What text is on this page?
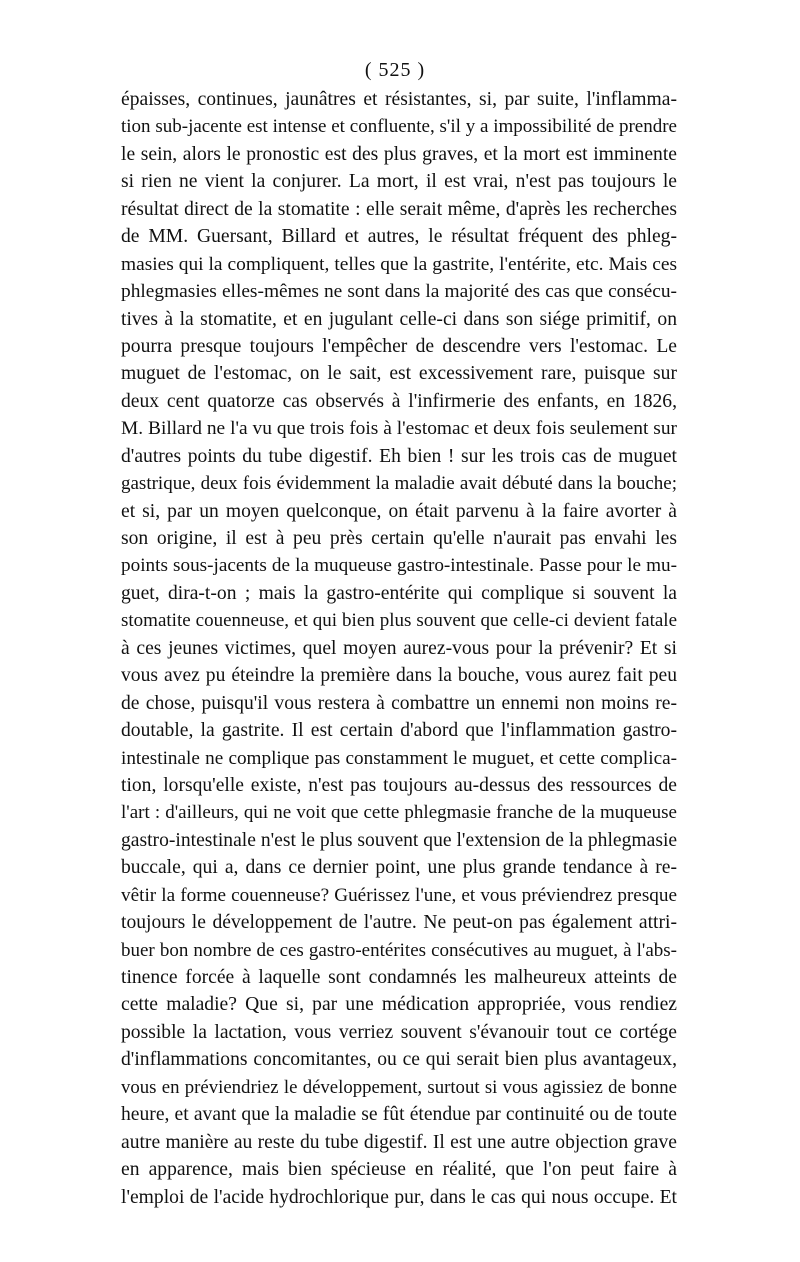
( 525 )
épaisses, continues, jaunâtres et résistantes, si, par suite, l'inflamma-
tion sub-jacente est intense et confluente, s'il y a impossibilité de prendre
le sein, alors le pronostic est des plus graves, et la mort est imminente
si rien ne vient la conjurer. La mort, il est vrai, n'est pas toujours le
résultat direct de la stomatite : elle serait même, d'après les recherches
de MM. Guersant, Billard et autres, le résultat fréquent des phleg-
masies qui la compliquent, telles que la gastrite, l'entérite, etc. Mais ces
phlegmasies elles-mêmes ne sont dans la majorité des cas que consécu-
tives à la stomatite, et en jugulant celle-ci dans son siége primitif, on
pourra presque toujours l'empêcher de descendre vers l'estomac. Le
muguet de l'estomac, on le sait, est excessivement rare, puisque sur
deux cent quatorze cas observés à l'infirmerie des enfants, en 1826,
M. Billard ne l'a vu que trois fois à l'estomac et deux fois seulement sur
d'autres points du tube digestif. Eh bien ! sur les trois cas de muguet
gastrique, deux fois évidemment la maladie avait débuté dans la bouche;
et si, par un moyen quelconque, on était parvenu à la faire avorter à
son origine, il est à peu près certain qu'elle n'aurait pas envahi les
points sous-jacents de la muqueuse gastro-intestinale. Passe pour le mu-
guet, dira-t-on ; mais la gastro-entérite qui complique si souvent la
stomatite couenneuse, et qui bien plus souvent que celle-ci devient fatale
à ces jeunes victimes, quel moyen aurez-vous pour la prévenir? Et si
vous avez pu éteindre la première dans la bouche, vous aurez fait peu
de chose, puisqu'il vous restera à combattre un ennemi non moins re-
doutable, la gastrite. Il est certain d'abord que l'inflammation gastro-
intestinale ne complique pas constamment le muguet, et cette complica-
tion, lorsqu'elle existe, n'est pas toujours au-dessus des ressources de
l'art : d'ailleurs, qui ne voit que cette phlegmasie franche de la muqueuse
gastro-intestinale n'est le plus souvent que l'extension de la phlegmasie
buccale, qui a, dans ce dernier point, une plus grande tendance à re-
vêtir la forme couenneuse? Guérissez l'une, et vous préviendrez presque
toujours le développement de l'autre. Ne peut-on pas également attri-
buer bon nombre de ces gastro-entérites consécutives au muguet, à l'abs-
tinence forcée à laquelle sont condamnés les malheureux atteints de
cette maladie? Que si, par une médication appropriée, vous rendiez
possible la lactation, vous verriez souvent s'évanouir tout ce cortége
d'inflammations concomitantes, ou ce qui serait bien plus avantageux,
vous en préviendriez le développement, surtout si vous agissiez de bonne
heure, et avant que la maladie se fût étendue par continuité ou de toute
autre manière au reste du tube digestif. Il est une autre objection grave
en apparence, mais bien spécieuse en réalité, que l'on peut faire à
l'emploi de l'acide hydrochlorique pur, dans le cas qui nous occupe. Et
